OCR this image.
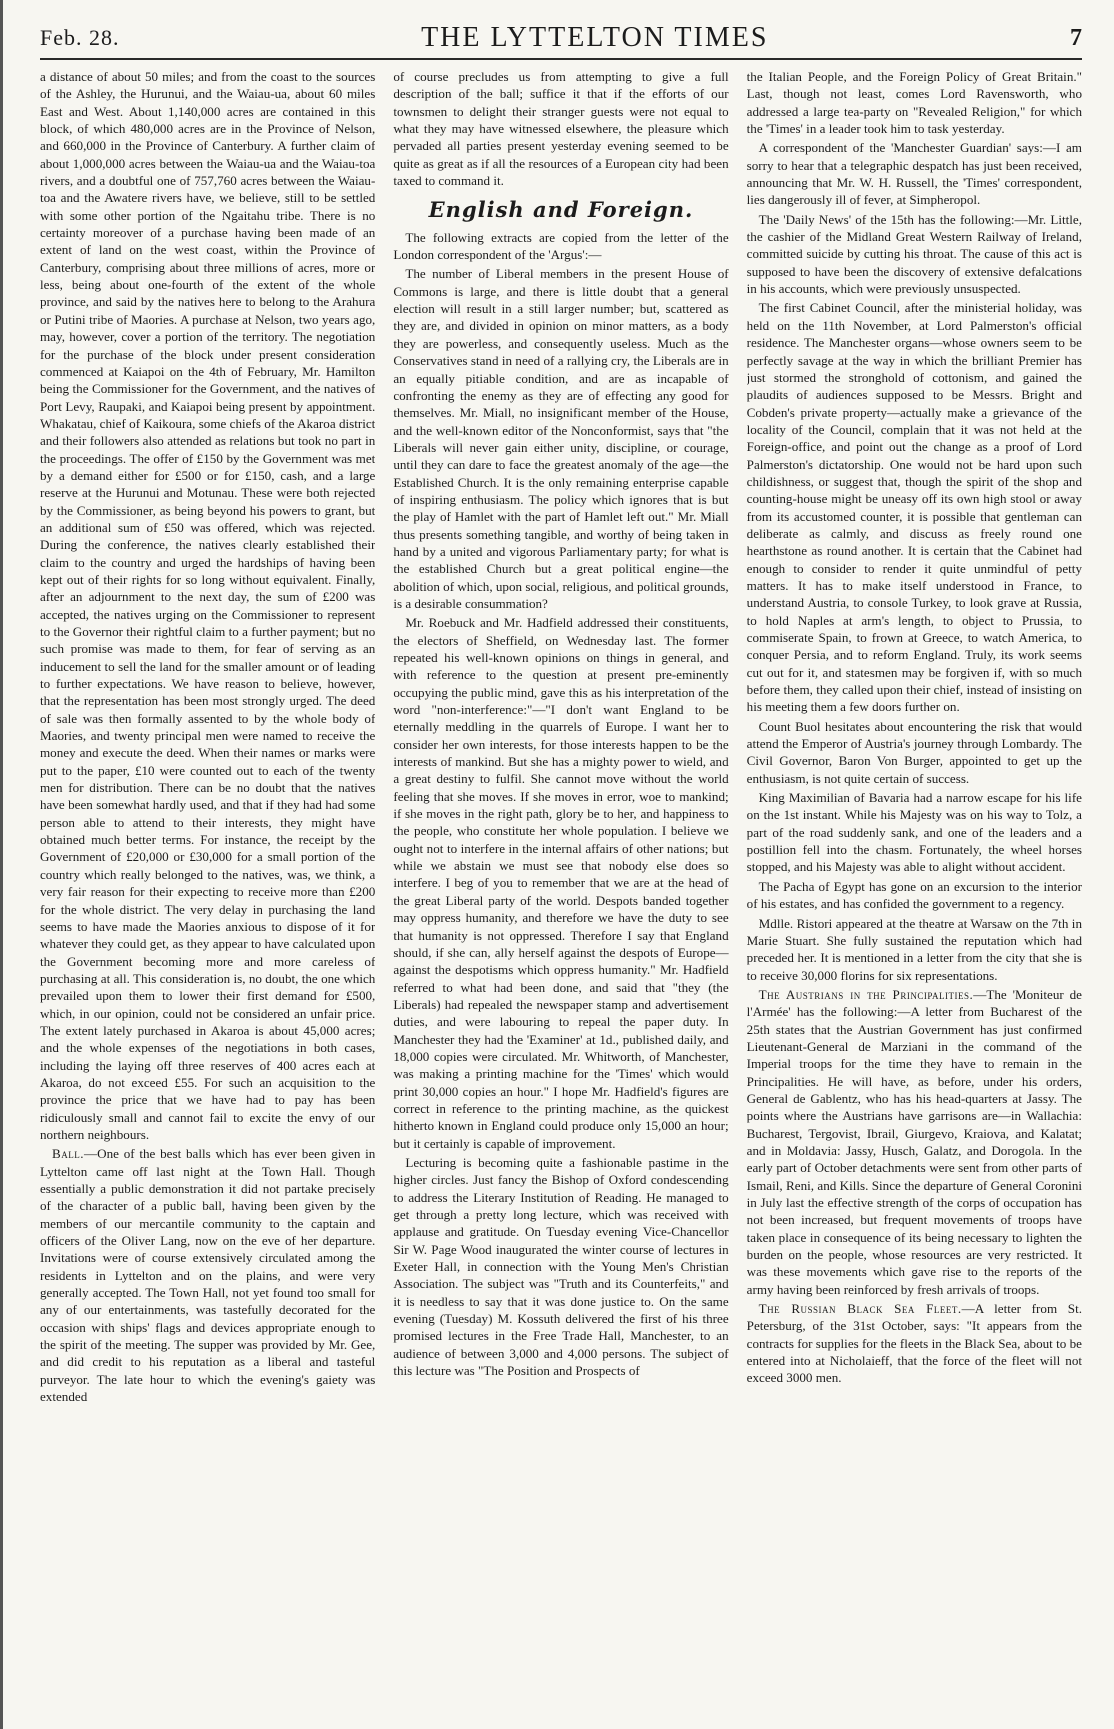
Feb. 28.	THE LYTTELTON TIMES	7

a distance of about 50 miles; and from the coast to the sources of the Ashley, the Hurunui, and the Waiau-ua, about 60 miles East and West. About 1,140,000 acres are contained in this block, of which 480,000 acres are in the Province of Nelson, and 660,000 in the Province of Canterbury. A further claim of about 1,000,000 acres between the Waiau-ua and the Waiau-toa rivers, and a doubtful one of 757,760 acres between the Waiau-toa and the Awatere rivers have, we believe, still to be settled with some other portion of the Ngaitahu tribe. There is no certainty moreover of a purchase having been made of an extent of land on the west coast, within the Province of Canterbury, comprising about three millions of acres, more or less, being about one-fourth of the extent of the whole province, and said by the natives here to belong to the Arahura or Putini tribe of Maories. A purchase at Nelson, two years ago, may, however, cover a portion of the territory. The negotiation for the purchase of the block under present consideration commenced at Kaiapoi on the 4th of February, Mr. Hamilton being the Commissioner for the Government, and the natives of Port Levy, Raupaki, and Kaiapoi being present by appointment. Whakatau, chief of Kaikoura, some chiefs of the Akaroa district and their followers also attended as relations but took no part in the proceedings. The offer of £150 by the Government was met by a demand either for £500 or for £150, cash, and a large reserve at the Hurunui and Motunau. These were both rejected by the Commissioner, as being beyond his powers to grant, but an additional sum of £50 was offered, which was rejected. During the conference, the natives clearly established their claim to the country and urged the hardships of having been kept out of their rights for so long without equivalent. Finally, after an adjournment to the next day, the sum of £200 was accepted, the natives urging on the Commissioner to represent to the Governor their rightful claim to a further payment; but no such promise was made to them, for fear of serving as an inducement to sell the land for the smaller amount or of leading to further expectations. We have reason to believe, however, that the representation has been most strongly urged. The deed of sale was then formally assented to by the whole body of Maories, and twenty principal men were named to receive the money and execute the deed. When their names or marks were put to the paper, £10 were counted out to each of the twenty men for distribution. There can be no doubt that the natives have been somewhat hardly used, and that if they had had some person able to attend to their interests, they might have obtained much better terms. For instance, the receipt by the Government of £20,000 or £30,000 for a small portion of the country which really belonged to the natives, was, we think, a very fair reason for their expecting to receive more than £200 for the whole district. The very delay in purchasing the land seems to have made the Maories anxious to dispose of it for whatever they could get, as they appear to have calculated upon the Government becoming more and more careless of purchasing at all. This consideration is, no doubt, the one which prevailed upon them to lower their first demand for £500, which, in our opinion, could not be considered an unfair price. The extent lately purchased in Akaroa is about 45,000 acres; and the whole expenses of the negotiations in both cases, including the laying off three reserves of 400 acres each at Akaroa, do not exceed £55. For such an acquisition to the province the price that we have had to pay has been ridiculously small and cannot fail to excite the envy of our northern neighbours.

Ball.—One of the best balls which has ever been given in Lyttelton came off last night at the Town Hall. Though essentially a public demonstration it did not partake precisely of the character of a public ball, having been given by the members of our mercantile community to the captain and officers of the Oliver Lang, now on the eve of her departure. Invitations were of course extensively circulated among the residents in Lyttelton and on the plains, and were very generally accepted. The Town Hall, not yet found too small for any of our entertainments, was tastefully decorated for the occasion with ships' flags and devices appropriate enough to the spirit of the meeting. The supper was provided by Mr. Gee, and did credit to his reputation as a liberal and tasteful purveyor. The late hour to which the evening's gaiety was extended

of course precludes us from attempting to give a full description of the ball; suffice it that if the efforts of our townsmen to delight their stranger guests were not equal to what they may have witnessed elsewhere, the pleasure which pervaded all parties present yesterday evening seemed to be quite as great as if all the resources of a European city had been taxed to command it.

English and Foreign.

The following extracts are copied from the letter of the London correspondent of the 'Argus':—

The number of Liberal members in the present House of Commons is large, and there is little doubt that a general election will result in a still larger number; but, scattered as they are, and divided in opinion on minor matters, as a body they are powerless, and consequently useless. Much as the Conservatives stand in need of a rallying cry, the Liberals are in an equally pitiable condition, and are as incapable of confronting the enemy as they are of effecting any good for themselves. Mr. Miall, no insignificant member of the House, and the well-known editor of the Nonconformist, says that "the Liberals will never gain either unity, discipline, or courage, until they can dare to face the greatest anomaly of the age—the Established Church. It is the only remaining enterprise capable of inspiring enthusiasm. The policy which ignores that is but the play of Hamlet with the part of Hamlet left out." Mr. Miall thus presents something tangible, and worthy of being taken in hand by a united and vigorous Parliamentary party; for what is the established Church but a great political engine—the abolition of which, upon social, religious, and political grounds, is a desirable consummation?

Mr. Roebuck and Mr. Hadfield addressed their constituents, the electors of Sheffield, on Wednesday last. The former repeated his well-known opinions on things in general, and with reference to the question at present pre-eminently occupying the public mind, gave this as his interpretation of the word "non-interference:"—"I don't want England to be eternally meddling in the quarrels of Europe. I want her to consider her own interests, for those interests happen to be the interests of mankind. But she has a mighty power to wield, and a great destiny to fulfil. She cannot move without the world feeling that she moves. If she moves in error, woe to mankind; if she moves in the right path, glory be to her, and happiness to the people, who constitute her whole population. I believe we ought not to interfere in the internal affairs of other nations; but while we abstain we must see that nobody else does so interfere. I beg of you to remember that we are at the head of the great Liberal party of the world. Despots banded together may oppress humanity, and therefore we have the duty to see that humanity is not oppressed. Therefore I say that England should, if she can, ally herself against the despots of Europe—against the despotisms which oppress humanity." Mr. Hadfield referred to what had been done, and said that "they (the Liberals) had repealed the newspaper stamp and advertisement duties, and were labouring to repeal the paper duty. In Manchester they had the 'Examiner' at 1d., published daily, and 18,000 copies were circulated. Mr. Whitworth, of Manchester, was making a printing machine for the 'Times' which would print 30,000 copies an hour." I hope Mr. Hadfield's figures are correct in reference to the printing machine, as the quickest hitherto known in England could produce only 15,000 an hour; but it certainly is capable of improvement.

Lecturing is becoming quite a fashionable pastime in the higher circles. Just fancy the Bishop of Oxford condescending to address the Literary Institution of Reading. He managed to get through a pretty long lecture, which was received with applause and gratitude. On Tuesday evening Vice-Chancellor Sir W. Page Wood inaugurated the winter course of lectures in Exeter Hall, in connection with the Young Men's Christian Association. The subject was "Truth and its Counterfeits," and it is needless to say that it was done justice to. On the same evening (Tuesday) M. Kossuth delivered the first of his three promised lectures in the Free Trade Hall, Manchester, to an audience of between 3,000 and 4,000 persons. The subject of this lecture was "The Position and Prospects of

the Italian People, and the Foreign Policy of Great Britain." Last, though not least, comes Lord Ravensworth, who addressed a large tea-party on "Revealed Religion," for which the 'Times' in a leader took him to task yesterday.

A correspondent of the 'Manchester Guardian' says:—I am sorry to hear that a telegraphic despatch has just been received, announcing that Mr. W. H. Russell, the 'Times' correspondent, lies dangerously ill of fever, at Simpheropol.

The 'Daily News' of the 15th has the following:—Mr. Little, the cashier of the Midland Great Western Railway of Ireland, committed suicide by cutting his throat. The cause of this act is supposed to have been the discovery of extensive defalcations in his accounts, which were previously unsuspected.

The first Cabinet Council, after the ministerial holiday, was held on the 11th November, at Lord Palmerston's official residence. The Manchester organs—whose owners seem to be perfectly savage at the way in which the brilliant Premier has just stormed the stronghold of cottonism, and gained the plaudits of audiences supposed to be Messrs. Bright and Cobden's private property—actually make a grievance of the locality of the Council, complain that it was not held at the Foreign-office, and point out the change as a proof of Lord Palmerston's dictatorship. One would not be hard upon such childishness, or suggest that, though the spirit of the shop and counting-house might be uneasy off its own high stool or away from its accustomed counter, it is possible that gentleman can deliberate as calmly, and discuss as freely round one hearthstone as round another. It is certain that the Cabinet had enough to consider to render it quite unmindful of petty matters. It has to make itself understood in France, to understand Austria, to console Turkey, to look grave at Russia, to hold Naples at arm's length, to object to Prussia, to commiserate Spain, to frown at Greece, to watch America, to conquer Persia, and to reform England. Truly, its work seems cut out for it, and statesmen may be forgiven if, with so much before them, they called upon their chief, instead of insisting on his meeting them a few doors further on.

Count Buol hesitates about encountering the risk that would attend the Emperor of Austria's journey through Lombardy. The Civil Governor, Baron Von Burger, appointed to get up the enthusiasm, is not quite certain of success.

King Maximilian of Bavaria had a narrow escape for his life on the 1st instant. While his Majesty was on his way to Tolz, a part of the road suddenly sank, and one of the leaders and a postillion fell into the chasm. Fortunately, the wheel horses stopped, and his Majesty was able to alight without accident.

The Pacha of Egypt has gone on an excursion to the interior of his estates, and has confided the government to a regency.

Mdlle. Ristori appeared at the theatre at Warsaw on the 7th in Marie Stuart. She fully sustained the reputation which had preceded her. It is mentioned in a letter from the city that she is to receive 30,000 florins for six representations.

The Austrians in the Principalities.—The 'Moniteur de l'Armée' has the following:—A letter from Bucharest of the 25th states that the Austrian Government has just confirmed Lieutenant-General de Marziani in the command of the Imperial troops for the time they have to remain in the Principalities. He will have, as before, under his orders, General de Gablentz, who has his head-quarters at Jassy. The points where the Austrians have garrisons are—in Wallachia: Bucharest, Tergovist, Ibrail, Giurgevo, Kraiova, and Kalatat; and in Moldavia: Jassy, Husch, Galatz, and Dorogola. In the early part of October detachments were sent from other parts of Ismail, Reni, and Kills. Since the departure of General Coronini in July last the effective strength of the corps of occupation has not been increased, but frequent movements of troops have taken place in consequence of its being necessary to lighten the burden on the people, whose resources are very restricted. It was these movements which gave rise to the reports of the army having been reinforced by fresh arrivals of troops.

The Russian Black Sea Fleet.—A letter from St. Petersburg, of the 31st October, says: "It appears from the contracts for supplies for the fleets in the Black Sea, about to be entered into at Nicholaieff, that the force of the fleet will not exceed 3000 men.
